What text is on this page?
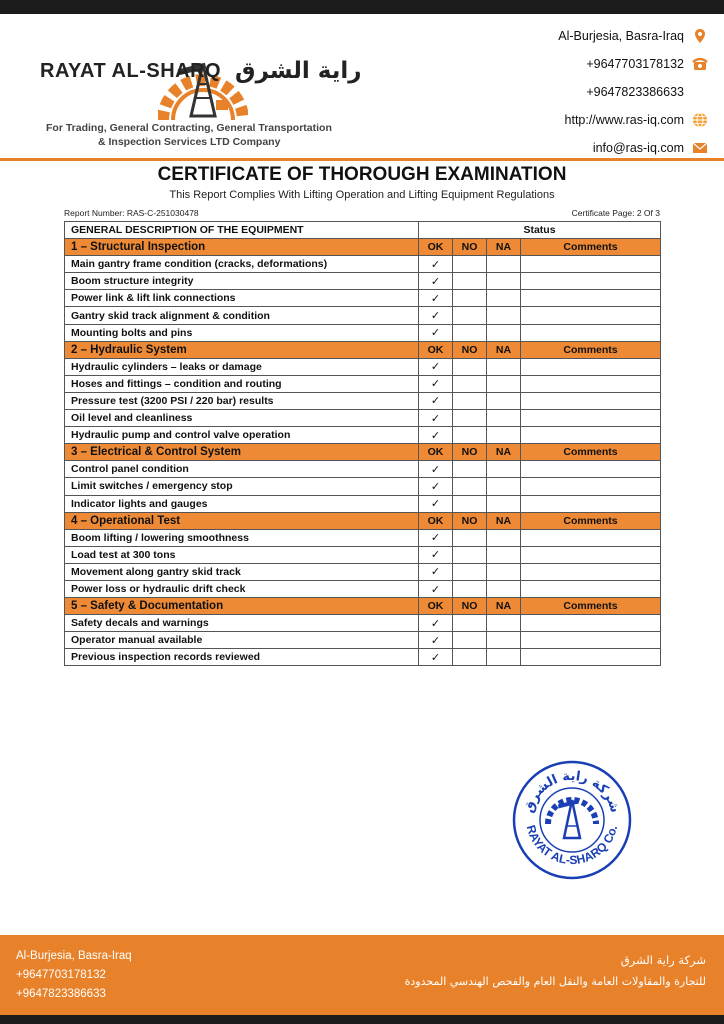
RAYAT AL-SHARQ راية الشرق
For Trading, General Contracting, General Transportation
& Inspection Services LTD Company
Al-Burjesia, Basra-Iraq
+9647703178132
+9647823386633
http://www.ras-iq.com
info@ras-iq.com
CERTIFICATE OF THOROUGH EXAMINATION
This Report Complies With Lifting Operation and Lifting Equipment Regulations
Report Number: RAS-C-251030478	Certificate Page: 2 Of 3
GENERAL DESCRIPTION OF THE EQUIPMENT	Status			
1 – Structural Inspection	OK	NO	NA	Comments
Main gantry frame condition (cracks, deformations)	✓			
Boom structure integrity	✓			
Power link & lift link connections	✓			
Gantry skid track alignment & condition	✓			
Mounting bolts and pins	✓			
2 – Hydraulic System	OK	NO	NA	Comments
Hydraulic cylinders – leaks or damage	✓			
Hoses and fittings – condition and routing	✓			
Pressure test (3200 PSI / 220 bar) results	✓			
Oil level and cleanliness	✓			
Hydraulic pump and control valve operation	✓			
3 – Electrical & Control System	OK	NO	NA	Comments
Control panel condition	✓			
Limit switches / emergency stop	✓			
Indicator lights and gauges	✓			
4 – Operational Test	OK	NO	NA	Comments
Boom lifting / lowering smoothness	✓			
Load test at 300 tons	✓			
Movement along gantry skid track	✓			
Power loss or hydraulic drift check	✓			
5 – Safety & Documentation	OK	NO	NA	Comments
Safety decals and warnings	✓			
Operator manual available	✓			
Previous inspection records reviewed	✓			
شركة راية الشرق
RAYAT AL-SHARQ Co.
Al-Burjesia, Basra-Iraq
+9647703178132
+9647823386633
شركة راية الشرق
للتجارة والمقاولات العامة والنقل العام والفحص الهندسي المحدودة
